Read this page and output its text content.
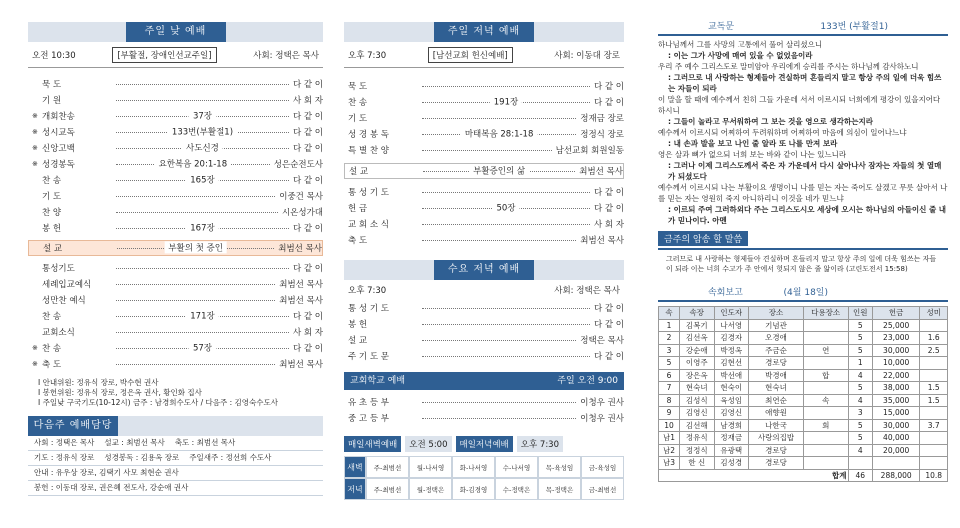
주일 낮 예배
오전 10:30	[부활절, 장애인선교주일]	사회: 정택은 목사
묵 도	다 같 이
기 원	사 회 자
※ 개회찬송	37장	다 같 이
※ 성시교독	133번(부활절1)	다 같 이
※ 신앙고백	사도신경	다 같 이
※ 성경봉독	요한복음 20:1-18	성은순전도사
찬 송	165장	다 같 이
기 도	이중건 목사
찬 양	시온성가대
봉 헌	167장	다 같 이
설 교	부활의 첫 증인	최범선 목사
통성기도	다 같 이
세례입교예식	최범선 목사
성만찬 예식	최범선 목사
찬 송	171장	다 같 이
교회소식	사 회 자
※ 찬 송	57장	다 같 이
※ 축 도	최범선 목사
I 안내위원: 정유식 장로, 박수현 권사
I 봉헌위원: 정유식 장로, 정은옥 권사, 황인화 집사
I 주일낮 구국기도(10-12시) 금주 : 남경희수도사 / 다음주 : 김영숙수도사
다음주 예배담당
사회 : 정택은 목사 설교 : 최범선 목사 축도 : 최범선 목사
기도 : 정유식 장로 성경봉독 : 김용옥 장로 주일새주 : 정선희 수도사
안내 : 유우상 장로, 김택기 사모 최현순 권사
봉헌 : 이동대 장로, 권은혜 전도사, 강순애 권사
주일 저녁 예배
오후 7:30	[남선교회 헌신예배]	사회: 이동대 장로
묵 도	다 같 이
찬 송	191장	다 같 이
기 도	정재금 장로
성 경 봉 독	마태복음 28:1-18	정정식 장로
특 별 찬 양	남선교회 회원일동
설 교	부활증인의 삶	최범선 목사
통 성 기 도	다 같 이
헌 금	50장	다 같 이
교 회 소 식	사 회 자
축 도	최범선 목사
수요 저녁 예배
오후 7:30	사회: 정택은 목사
통 성 기 도	다 같 이
봉 헌	다 같 이
설 교	정택은 목사
주 기 도 문	다 같 이
교회학교 예배	주일 오전 9:00
유 초 등 부	이청우 권사
중 고 등 부	이청우 권사
매일새벽예배	오전 5:00	매일저녁예배	오후 7:30
새벽	주-최범선	월-나서영	화-나서영	수-나서영	목-육성임	금-육성임
저녁	주-최범선	월-정택은	화-김경영	수-정택은	목-정택은	금-최범선
교독문	133번 (부활절1)
하나님께서 그를 사망의 고통에서 풀어 살리셨으니
: 이는 그가 사망에 매여 있을 수 없었음이라
우리 주 예수 그리스도로 말미암아 우리에게 승리를 주시는 하나님께 감사하노니
: 그러므로 내 사랑하는 형제들아 견실하며 흔들리지 말고 항상 주의 일에 더욱 힘쓰는 자들이 되라
이 말을 할 때에 예수께서 친히 그들 가운데 서서 이르시되 너희에게 평강이 있을지어다 하시니
: 그들이 놀라고 무서워하여 그 보는 것을 영으로 생각하는지라
예수께서 이르시되 어찌하여 두려워하며 어찌하여 마음에 의심이 일어나느냐
: 내 손과 발을 보고 나인 줄 알라 또 나를 만져 보라
영은 살과 뼈가 없으되 너희 보는 바와 같이 나는 있느니라
: 그러나 이제 그리스도께서 죽은 자 가운데서 다시 살아나사 잠자는 자들의 첫 열매가 되셨도다
예수께서 이르시되 나는 부활이요 생명이니 나를 믿는 자는 죽어도 살겠고 무릇 살아서 나를 믿는 자는 영원히 죽지 아니하리니 이것을 네가 믿느냐
: 이르되 주여 그러하외다 주는 그리스도시오 세상에 오시는 하나님의 아들이신 줄 내가 믿나이다. 아멘
금주의 암송 할 말씀
그러므로 내 사랑하는 형제들아 견실하며 흔들리지 말고 항상 주의 일에 더욱 힘쓰는 자들이 되라 이는 너희 수고가 주 안에서 헛되지 않은 줄 앎이라 (고린도전서 15:58)
속회보고	(4월 18일)
속	속장	인도자	장소	다용장소	인원	헌금	성미
1	김복기	나서영	기념관		5	25,000	
2	김선옥	김경자	오경애		5	23,000	1.6
3	강순애	박정옥	주금순	연	5	30,000	2.5
5	이영주	김현선	경로당		1	10,000	
6	장은옥	박선애	박경애	합	4	22,000	
7	현숙녀	현숙이	현숙녀		5	38,000	1.5
8	김성식	육성임	최연순	속	4	35,000	1.5
9	김영신	김영신	애향원		3	15,000	
10	김선해	남경희	나한국	회	5	30,000	3.7
남1	정유식	정재금	사랑의집밥		5	40,000	
남2	정정식	유광택	경로당		4	20,000	
남3	한 신	김성경	경로당				
합계					46	288,000	10.8
